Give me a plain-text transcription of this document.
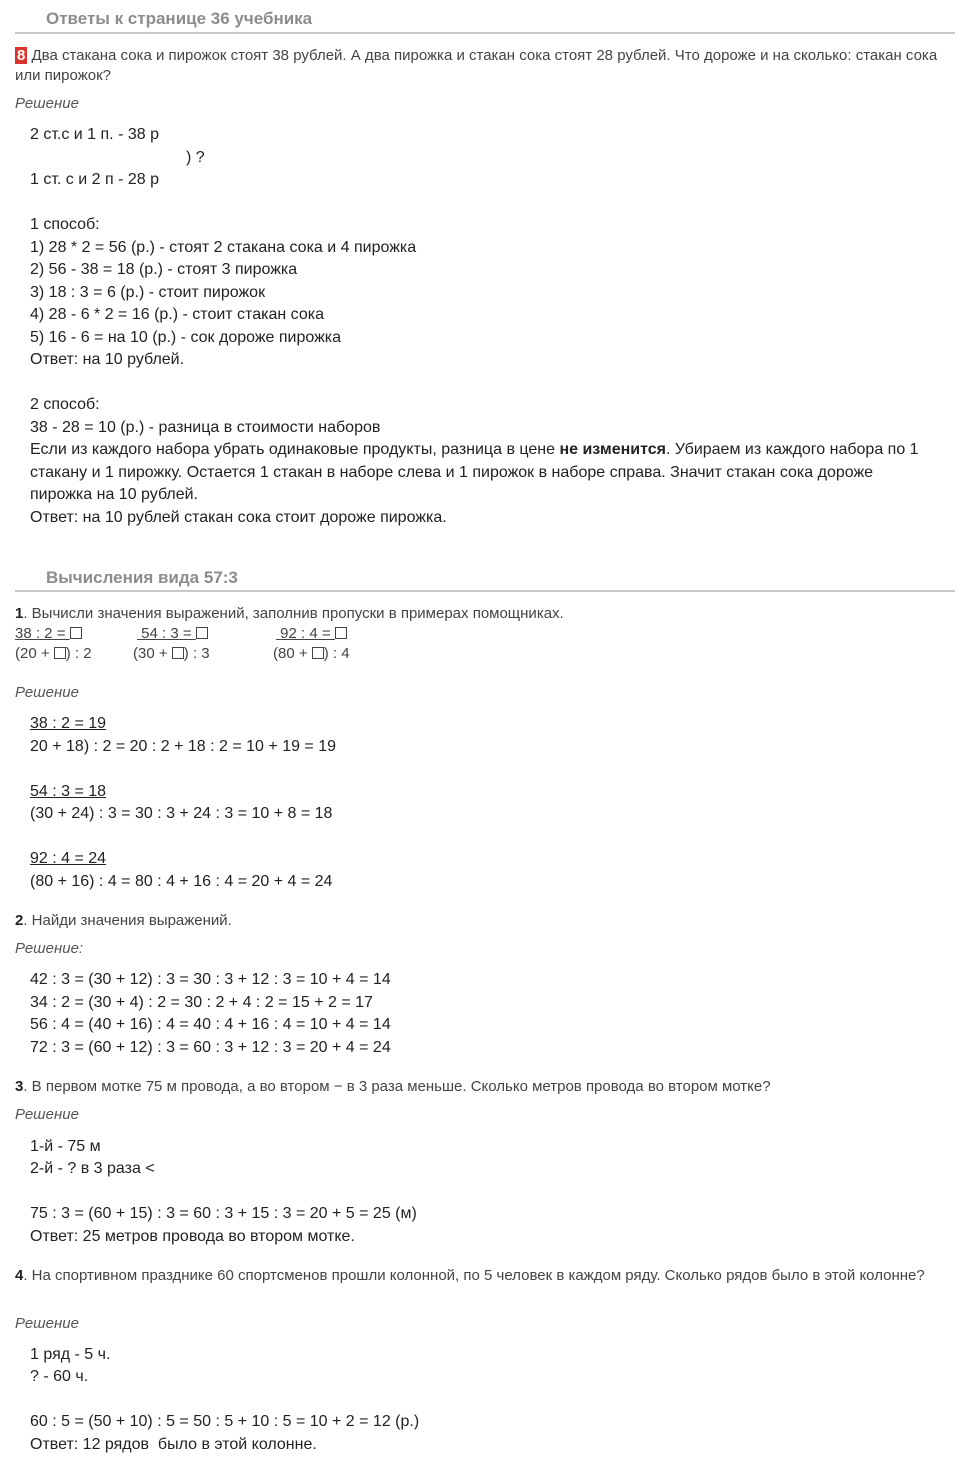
Ответы к странице 36 учебника
8 Два стакана сока и пирожок стоят 38 рублей. А два пирожка и стакан сока стоят 28 рублей. Что дороже и на сколько: стакан сока или пирожок?
Решение
2 ст.с и 1 п. - 38 р
) ?
1 ст. с и 2 п - 28 р
1 способ:
1) 28 * 2 = 56 (р.) - стоят 2 стакана сока и 4 пирожка
2) 56 - 38 = 18 (р.) - стоят 3 пирожка
3) 18 : 3 = 6 (р.) - стоит пирожок
4) 28 - 6 * 2 = 16 (р.) - стоит стакан сока
5) 16 - 6 = на 10 (р.) - сок дороже пирожка
Ответ: на 10 рублей.
2 способ:
38 - 28 = 10 (р.) - разница в стоимости наборов
Если из каждого набора убрать одинаковые продукты, разница в цене не изменится. Убираем из каждого набора по 1 стакану и 1 пирожку. Остается 1 стакан в наборе слева и 1 пирожок в наборе справа. Значит стакан сока дороже пирожка на 10 рублей.
Ответ: на 10 рублей стакан сока стоит дороже пирожка.
Вычисления вида 57:3
1. Вычисли значения выражений, заполнив пропуски в примерах помощниках.
38 : 2 =
(20 + ) : 2
54 : 3 =
(30 + ) : 3
92 : 4 =
(80 + ) : 4
Решение
38 : 2 = 19
20 + 18) : 2 = 20 : 2 + 18 : 2 = 10 + 19 = 19
54 : 3 = 18
(30 + 24) : 3 = 30 : 3 + 24 : 3 = 10 + 8 = 18
92 : 4 = 24
(80 + 16) : 4 = 80 : 4 + 16 : 4 = 20 + 4 = 24
2. Найди значения выражений.
Решение:
42 : 3 = (30 + 12) : 3 = 30 : 3 + 12 : 3 = 10 + 4 = 14
34 : 2 = (30 + 4) : 2 = 30 : 2 + 4 : 2 = 15 + 2 = 17
56 : 4 = (40 + 16) : 4 = 40 : 4 + 16 : 4 = 10 + 4 = 14
72 : 3 = (60 + 12) : 3 = 60 : 3 + 12 : 3 = 20 + 4 = 24
3. В первом мотке 75 м провода, а во втором − в 3 раза меньше. Сколько метров провода во втором мотке?
Решение
1-й - 75 м
2-й - ? в 3 раза <
75 : 3 = (60 + 15) : 3 = 60 : 3 + 15 : 3 = 20 + 5 = 25 (м)
Ответ: 25 метров провода во втором мотке.
4. На спортивном празднике 60 спортсменов прошли колонной, по 5 человек в каждом ряду. Сколько рядов было в этой колонне?
Решение
1 ряд - 5 ч.
? - 60 ч.
60 : 5 = (50 + 10) : 5 = 50 : 5 + 10 : 5 = 10 + 2 = 12 (р.)
Ответ: 12 рядов  было в этой колонне.
